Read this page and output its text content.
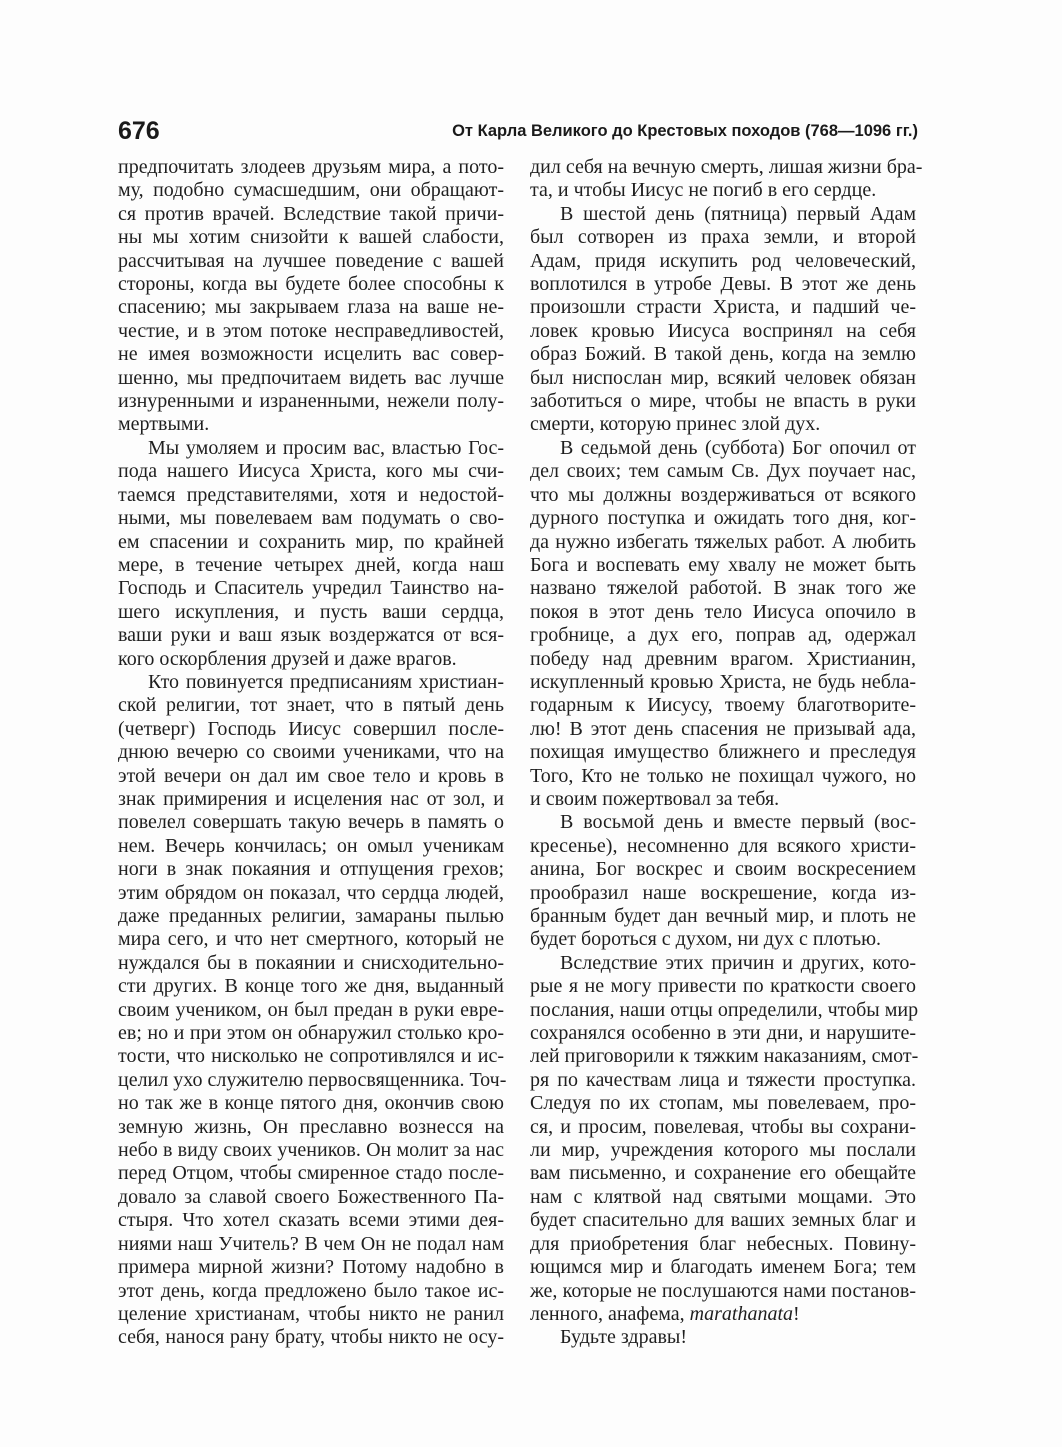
676	От Карла Великого до Крестовых походов (768—1096 гг.)
предпочитать злодеев друзьям мира, а пото-
му, подобно сумасшедшим, они обращают-
ся против врачей. Вследствие такой причи-
ны мы хотим снизойти к вашей слабости,
рассчитывая на лучшее поведение с вашей
стороны, когда вы будете более способны к
спасению; мы закрываем глаза на ваше не-
честие, и в этом потоке несправедливостей,
не имея возможности исцелить вас совер-
шенно, мы предпочитаем видеть вас лучше
изнуренными и израненными, нежели полу-
мертвыми.
Мы умоляем и просим вас, властью Гос-
пода нашего Иисуса Христа, кого мы счи-
таемся представителями, хотя и недостой-
ными, мы повелеваем вам подумать о сво-
ем спасении и сохранить мир, по крайней
мере, в течение четырех дней, когда наш
Господь и Спаситель учредил Таинство на-
шего искупления, и пусть ваши сердца,
ваши руки и ваш язык воздержатся от вся-
кого оскорбления друзей и даже врагов.
Кто повинуется предписаниям христиан-
ской религии, тот знает, что в пятый день
(четверг) Господь Иисус совершил после-
днюю вечерю со своими учениками, что на
этой вечери он дал им свое тело и кровь в
знак примирения и исцеления нас от зол, и
повелел совершать такую вечерь в память о
нем. Вечерь кончилась; он омыл ученикам
ноги в знак покаяния и отпущения грехов;
этим обрядом он показал, что сердца людей,
даже преданных религии, замараны пылью
мира сего, и что нет смертного, который не
нуждался бы в покаянии и снисходительно-
сти других. В конце того же дня, выданный
своим учеником, он был предан в руки евре-
ев; но и при этом он обнаружил столько кро-
тости, что нисколько не сопротивлялся и ис-
целил ухо служителю первосвященника. Точ-
но так же в конце пятого дня, окончив свою
земную жизнь, Он преславно вознесся на
небо в виду своих учеников. Он молит за нас
перед Отцом, чтобы смиренное стадо после-
довало за славой своего Божественного Па-
стыря. Что хотел сказать всеми этими дея-
ниями наш Учитель? В чем Он не подал нам
примера мирной жизни? Потому надобно в
этот день, когда предложено было такое ис-
целение христианам, чтобы никто не ранил
себя, нанося рану брату, чтобы никто не осу-
дил себя на вечную смерть, лишая жизни бра-
та, и чтобы Иисус не погиб в его сердце.
В шестой день (пятница) первый Адам
был сотворен из праха земли, и второй
Адам, придя искупить род человеческий,
воплотился в утробе Девы. В этот же день
произошли страсти Христа, и падший че-
ловек кровью Иисуса воспринял на себя
образ Божий. В такой день, когда на землю
был ниспослан мир, всякий человек обязан
заботиться о мире, чтобы не впасть в руки
смерти, которую принес злой дух.
В седьмой день (суббота) Бог опочил от
дел своих; тем самым Св. Дух поучает нас,
что мы должны воздерживаться от всякого
дурного поступка и ожидать того дня, ког-
да нужно избегать тяжелых работ. А любить
Бога и воспевать ему хвалу не может быть
названо тяжелой работой. В знак того же
покоя в этот день тело Иисуса опочило в
гробнице, а дух его, поправ ад, одержал
победу над древним врагом. Христианин,
искупленный кровью Христа, не будь небла-
годарным к Иисусу, твоему благотворите-
лю! В этот день спасения не призывай ада,
похищая имущество ближнего и преследуя
Того, Кто не только не похищал чужого, но
и своим пожертвовал за тебя.
В восьмой день и вместе первый (вос-
кресенье), несомненно для всякого христи-
анина, Бог воскрес и своим воскресением
прообразил наше воскрешение, когда из-
бранным будет дан вечный мир, и плоть не
будет бороться с духом, ни дух с плотью.
Вследствие этих причин и других, кото-
рые я не могу привести по краткости своего
послания, наши отцы определили, чтобы мир
сохранялся особенно в эти дни, и нарушите-
лей приговорили к тяжким наказаниям, смот-
ря по качествам лица и тяжести проступка.
Следуя по их стопам, мы повелеваем, про-
ся, и просим, повелевая, чтобы вы сохрани-
ли мир, учреждения которого мы послали
вам письменно, и сохранение его обещайте
нам с клятвой над святыми мощами. Это
будет спасительно для ваших земных благ и
для приобретения благ небесных. Повину-
ющимся мир и благодать именем Бога; тем
же, которые не послушаются нами постанов-
ленного, анафема, marathanata!
Будьте здравы!
